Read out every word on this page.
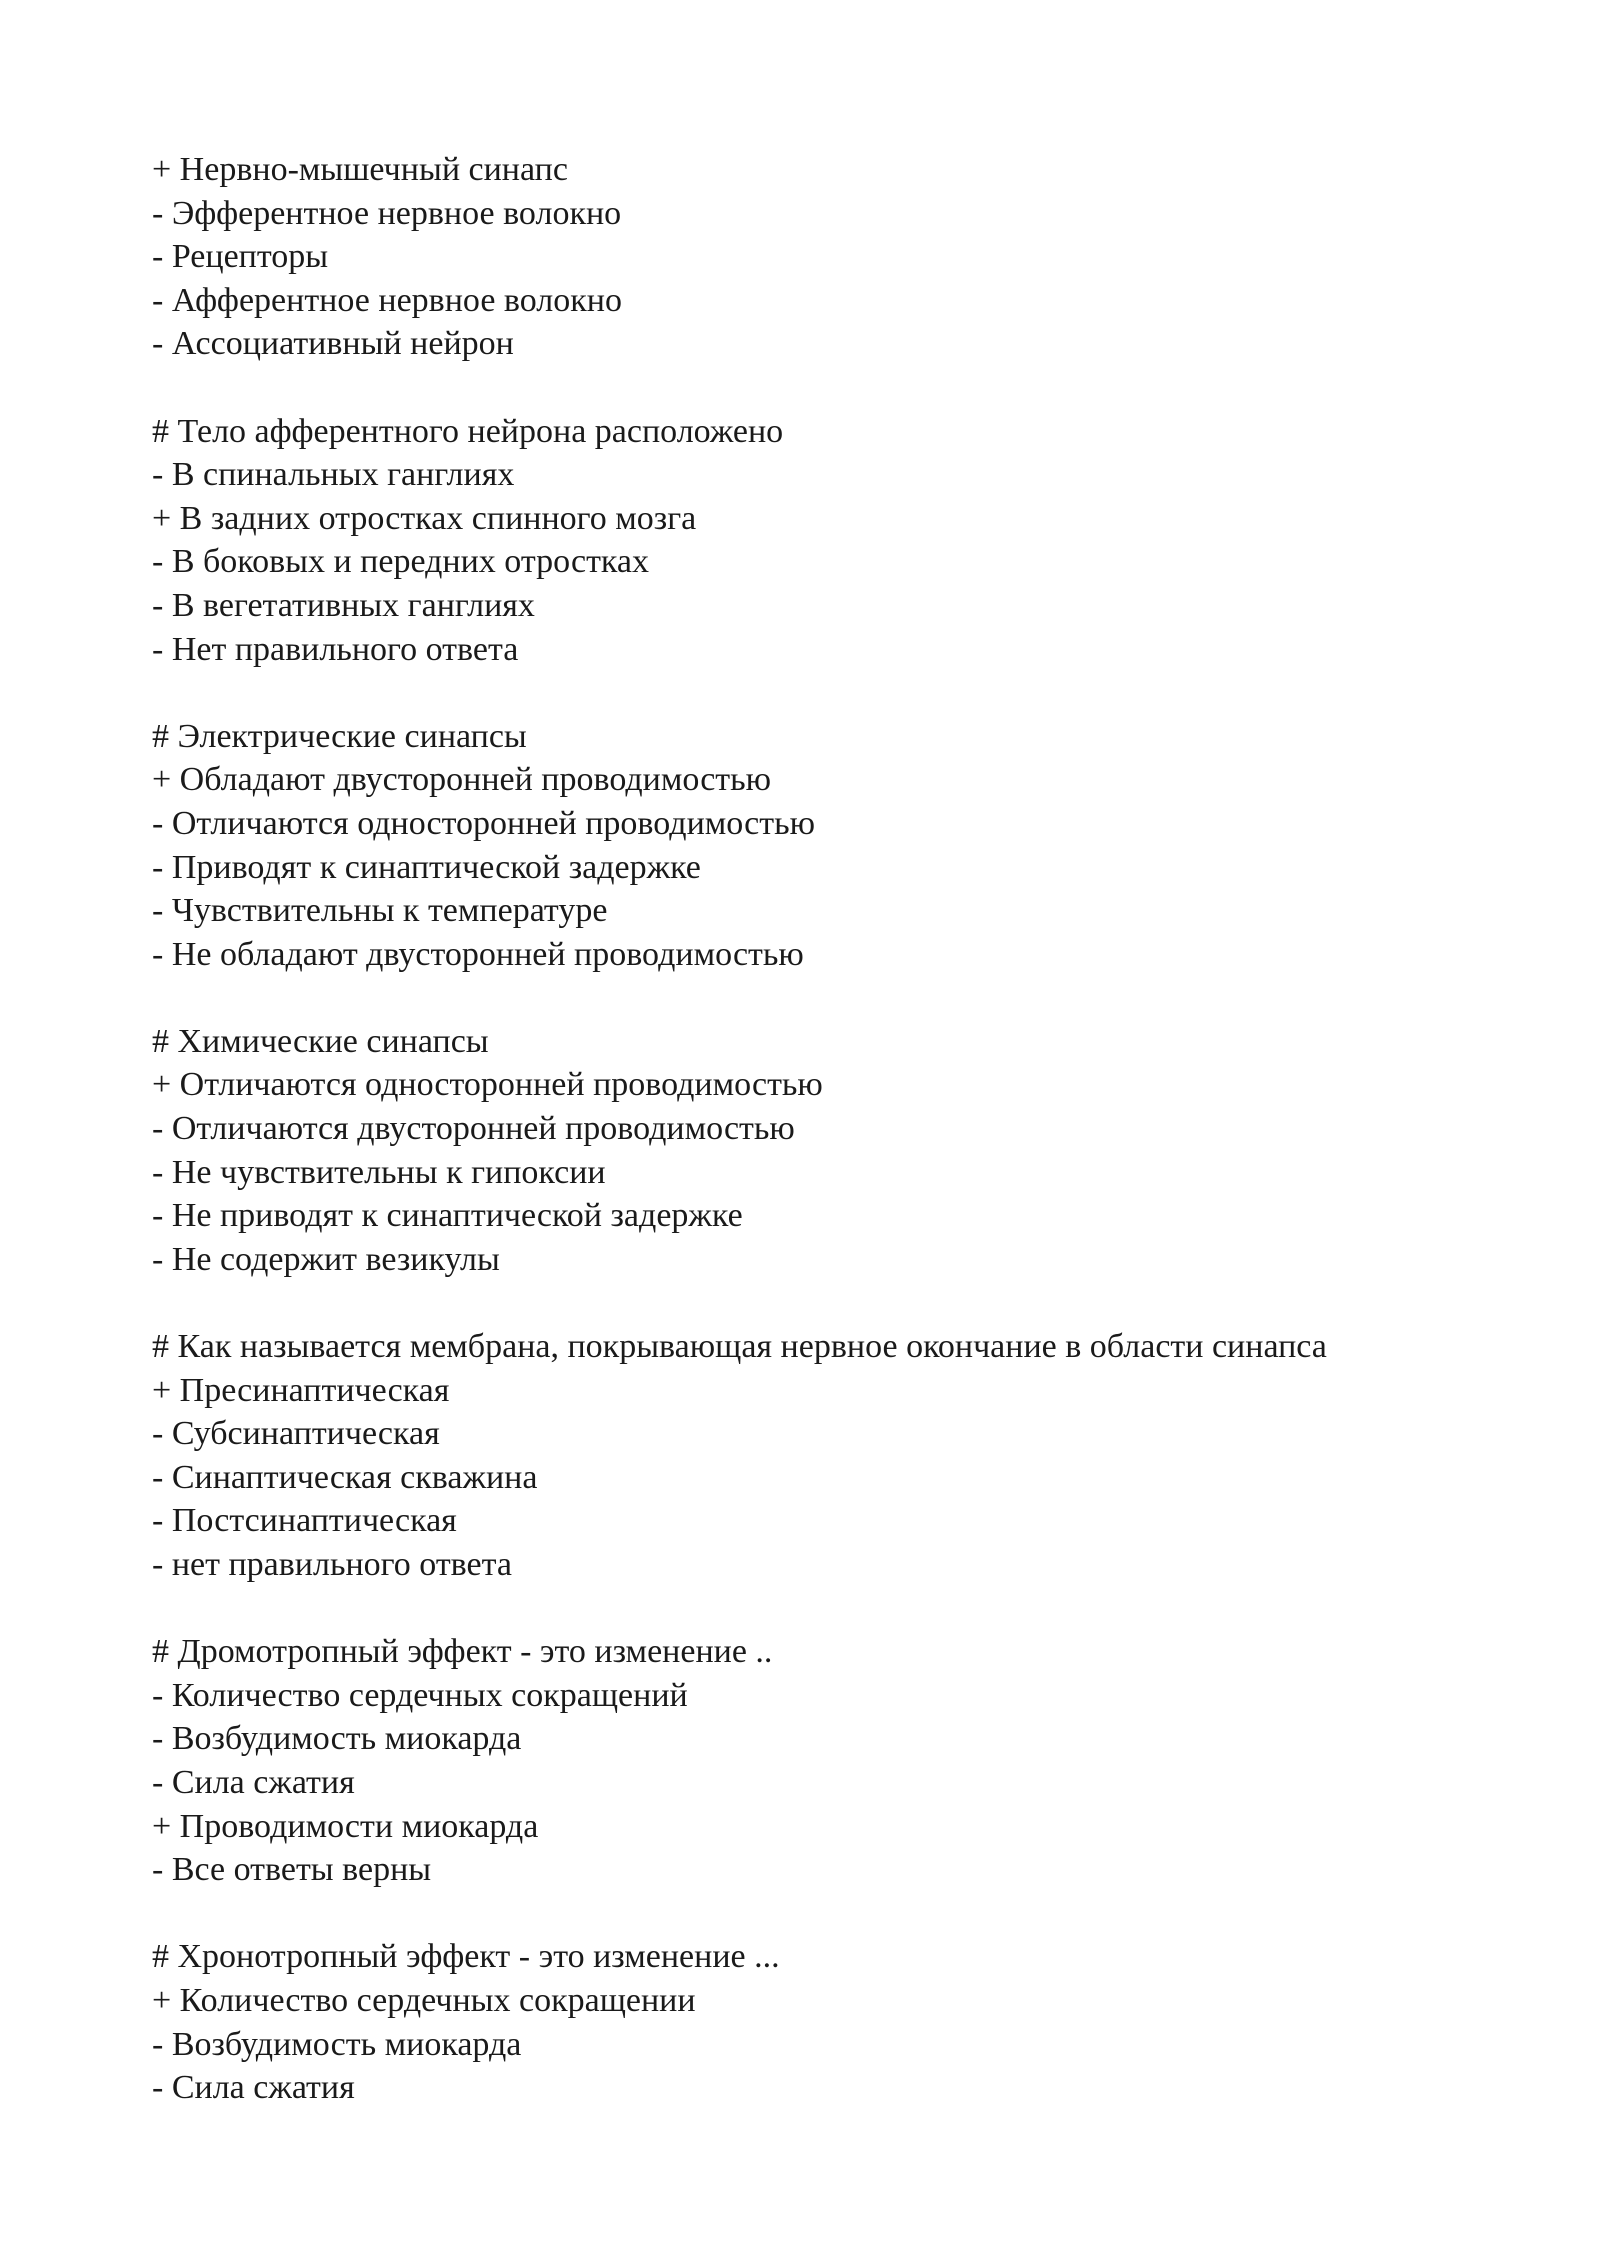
+ Нервно-мышечный синапс
- Эфферентное нервное волокно
- Рецепторы
- Афферентное нервное волокно
- Ассоциативный нейрон
# Тело афферентного нейрона расположено
- В спинальных ганглиях
+ В задних отростках спинного мозга
- В боковых и передних отростках
- В вегетативных ганглиях
- Нет правильного ответа
# Электрические синапсы
+ Обладают двусторонней проводимостью
- Отличаются односторонней проводимостью
- Приводят к синаптической задержке
- Чувствительны к температуре
- Не обладают двусторонней проводимостью
# Химические синапсы
+ Отличаются односторонней проводимостью
- Отличаются двусторонней проводимостью
- Не чувствительны к гипоксии
- Не приводят к синаптической задержке
- Не содержит везикулы
# Как называется мембрана, покрывающая нервное окончание в области синапса
+ Пресинаптическая
- Субсинаптическая
- Синаптическая скважина
- Постсинаптическая
- нет правильного ответа
# Дромотропный эффект - это изменение ..
- Количество сердечных сокращений
- Возбудимость миокарда
- Сила сжатия
+ Проводимости миокарда
- Все ответы верны
# Хронотропный эффект - это изменение ...
+ Количество сердечных сокращении
- Возбудимость миокарда
- Сила сжатия
